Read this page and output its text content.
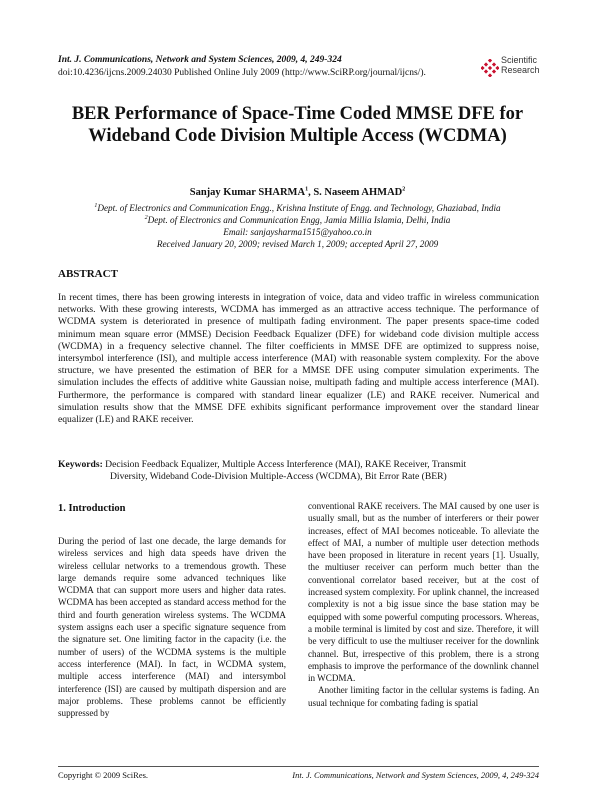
Int. J. Communications, Network and System Sciences, 2009, 4, 249-324
doi:10.4236/ijcns.2009.24030 Published Online July 2009 (http://www.SciRP.org/journal/ijcns/).
Scientific
Research
BER Performance of Space-Time Coded MMSE DFE for
Wideband Code Division Multiple Access (WCDMA)
Sanjay Kumar SHARMA$^1$, S. Naseem AHMAD$^2$
$^1$Dept. of Electronics and Communication Engg., Krishna Institute of Engg. and Technology, Ghaziabad, India
$^2$Dept. of Electronics and Communication Engg, Jamia Millia Islamia, Delhi, India
Email: sanjaysharma1515@yahoo.co.in
Received January 20, 2009; revised March 1, 2009; accepted April 27, 2009
ABSTRACT
In recent times, there has been growing interests in integration of voice, data and video traffic in wireless communication networks. With these growing interests, WCDMA has immerged as an attractive access technique. The performance of WCDMA system is deteriorated in presence of multipath fading environment. The paper presents space-time coded minimum mean square error (MMSE) Decision Feedback Equalizer (DFE) for wideband code division multiple access (WCDMA) in a frequency selective channel. The filter coefficients in MMSE DFE are optimized to suppress noise, intersymbol interference (ISI), and multiple access interference (MAI) with reasonable system complexity. For the above structure, we have presented the estimation of BER for a MMSE DFE using computer simulation experiments. The simulation includes the effects of additive white Gaussian noise, multipath fading and multiple access interference (MAI). Furthermore, the performance is compared with standard linear equalizer (LE) and RAKE receiver. Numerical and simulation results show that the MMSE DFE exhibits significant performance improvement over the standard linear equalizer (LE) and RAKE receiver.
Keywords: Decision Feedback Equalizer, Multiple Access Interference (MAI), RAKE Receiver, Transmit
Diversity, Wideband Code-Division Multiple-Access (WCDMA), Bit Error Rate (BER)
1. Introduction

During the period of last one decade, the large demands for wireless services and high data speeds have driven the wireless cellular networks to a tremendous growth. These large demands require some advanced techniques like WCDMA that can support more users and higher data rates. WCDMA has been accepted as standard access method for the third and fourth generation wireless systems. The WCDMA system assigns each user a specific signature sequence from the signature set. One limiting factor in the capacity (i.e. the number of users) of the WCDMA systems is the multiple access interference (MAI). In fact, in WCDMA system, multiple access interference (MAI) and intersymbol interference (ISI) are caused by multipath dispersion and are major problems. These problems cannot be efficiently suppressed by

conventional RAKE receivers. The MAI caused by one user is usually small, but as the number of interferers or their power increases, effect of MAI becomes noticeable. To alleviate the effect of MAI, a number of multiple user detection methods have been proposed in literature in recent years [1]. Usually, the multiuser receiver can perform much better than the conventional correlator based receiver, but at the cost of increased system complexity. For uplink channel, the increased complexity is not a big issue since the base station may be equipped with some powerful computing processors. Whereas, a mobile terminal is limited by cost and size. Therefore, it will be very difficult to use the multiuser receiver for the downlink channel. But, irrespective of this problem, there is a strong emphasis to improve the performance of the downlink channel in WCDMA.

Another limiting factor in the cellular systems is fading. An usual technique for combating fading is spatial

Copyright © 2009 SciRes.	Int. J. Communications, Network and System Sciences, 2009, 4, 249-324
